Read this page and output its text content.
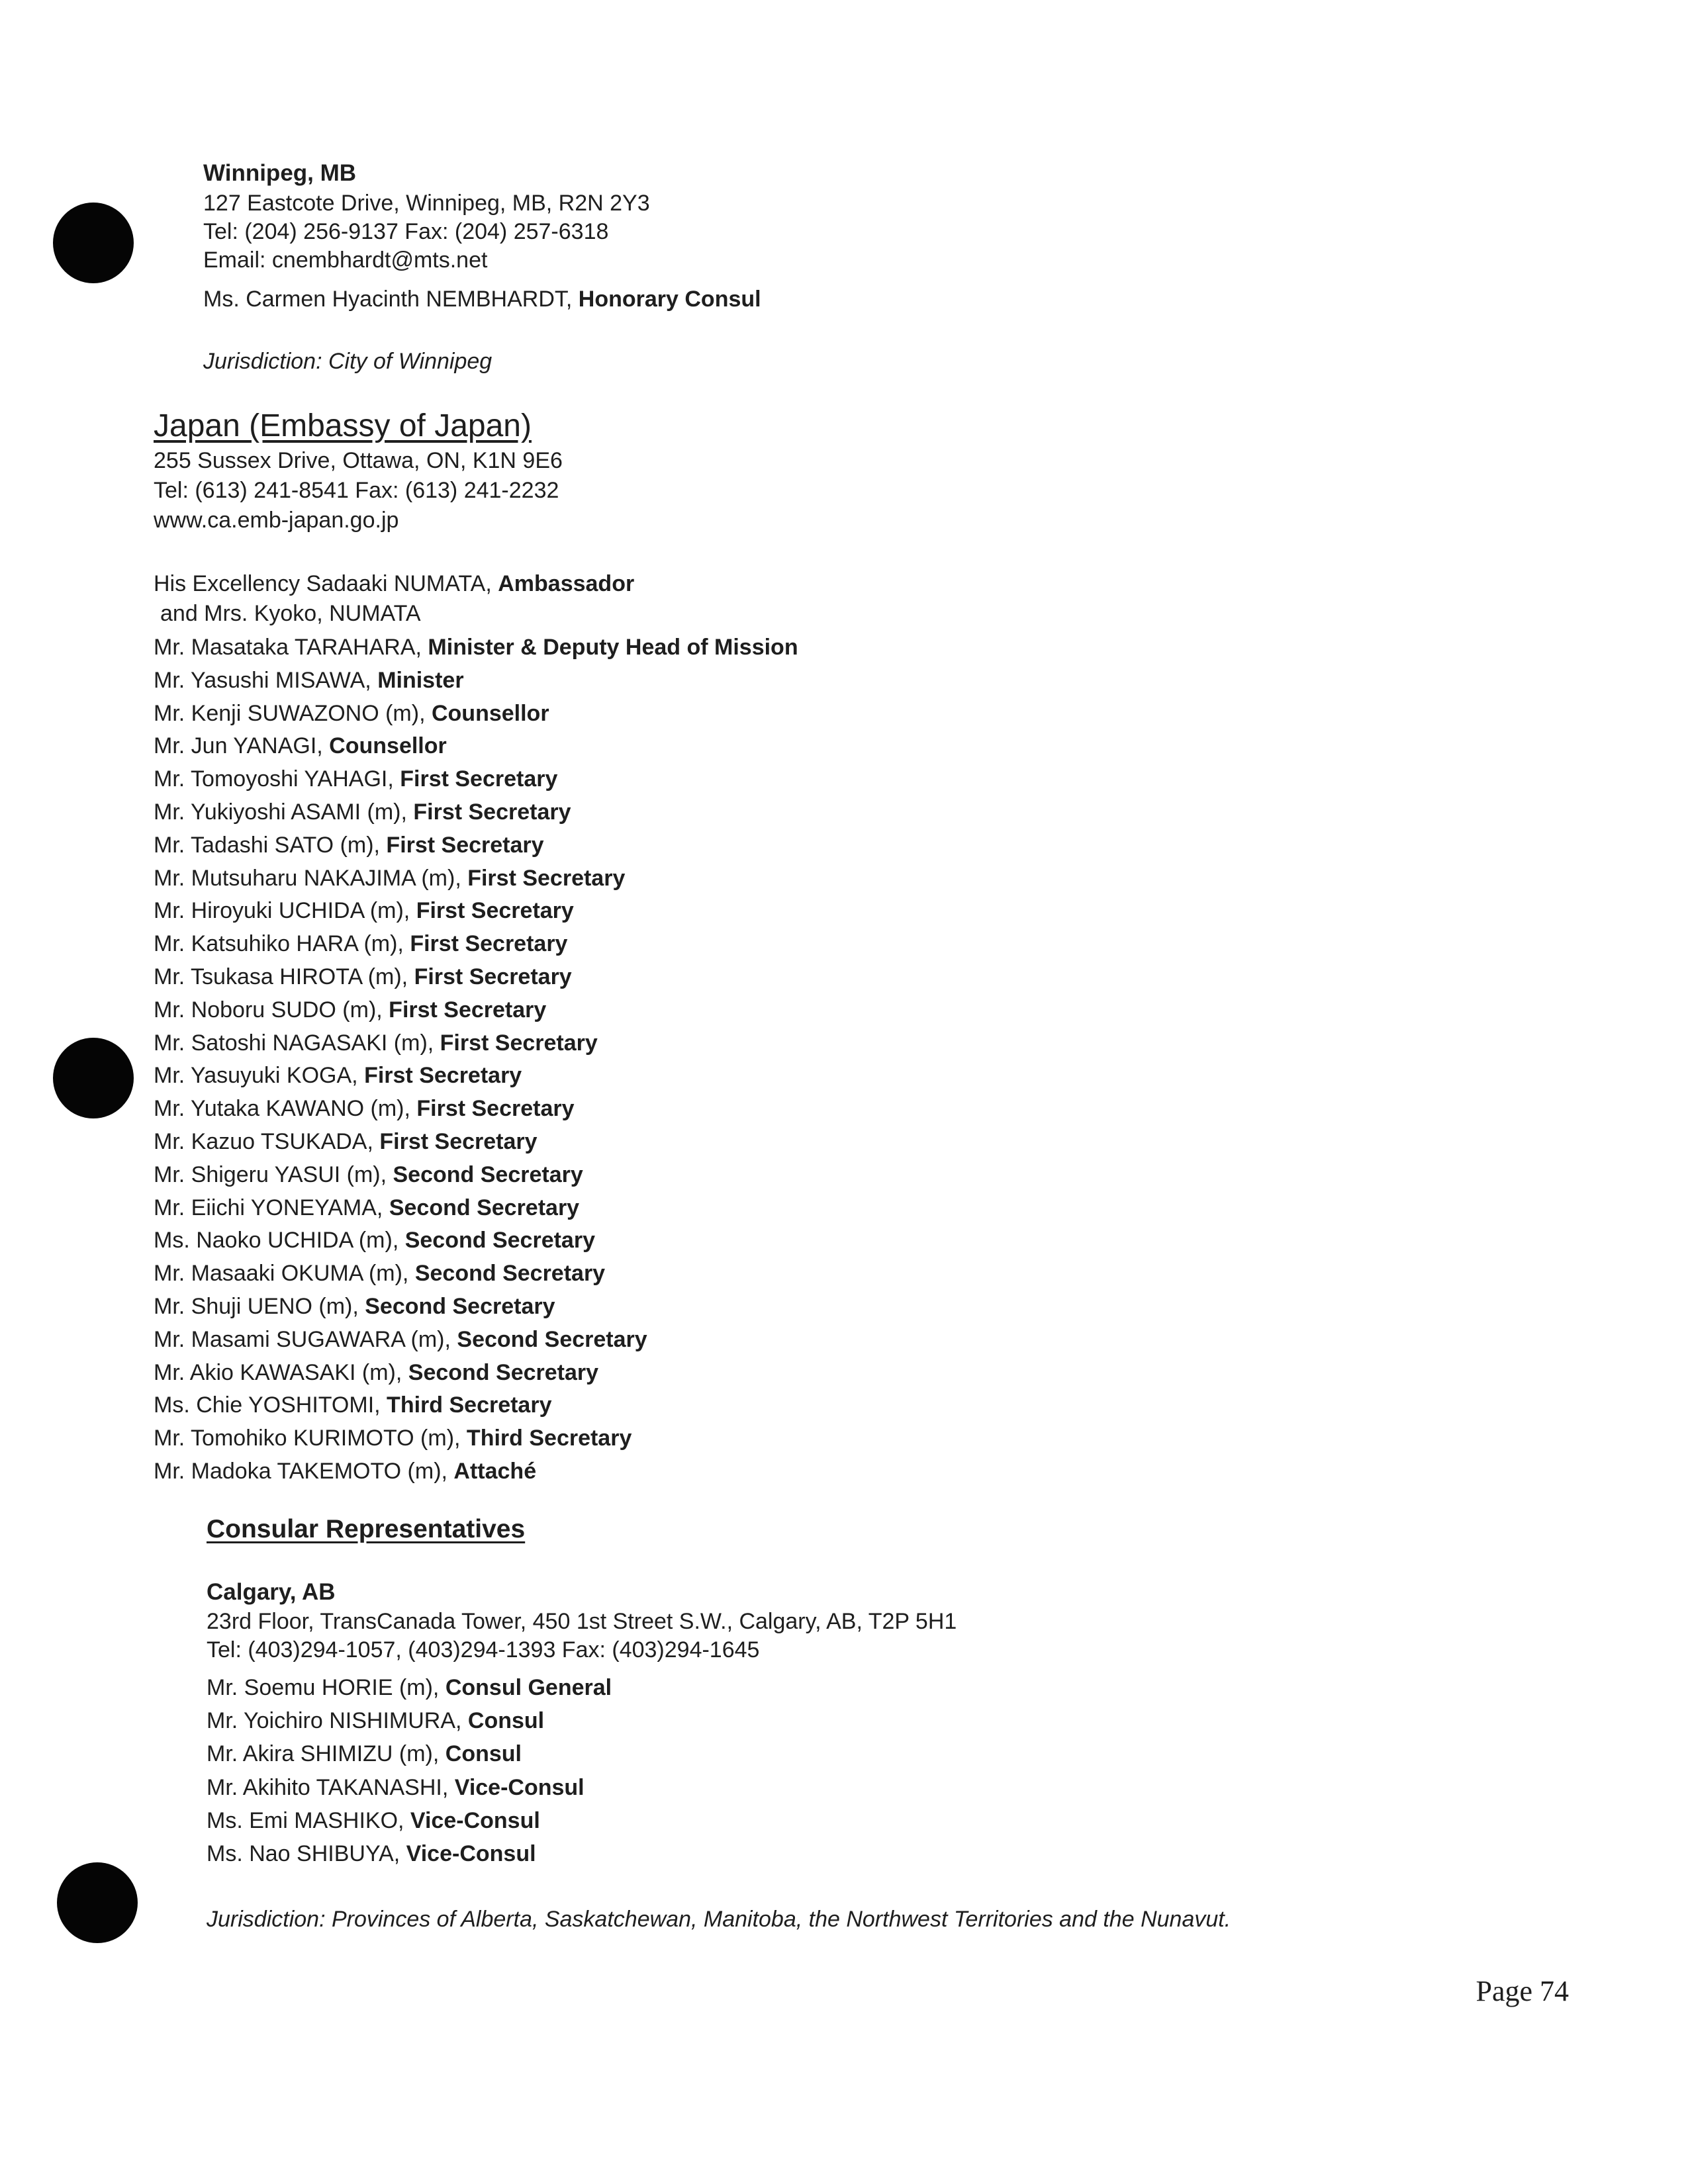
Winnipeg, MB
127 Eastcote Drive, Winnipeg, MB, R2N 2Y3
Tel: (204) 256-9137 Fax: (204) 257-6318
Email: cnembhardt@mts.net
Ms. Carmen Hyacinth NEMBHARDT, Honorary Consul
Jurisdiction: City of Winnipeg
Japan (Embassy of Japan)
255 Sussex Drive, Ottawa, ON, K1N 9E6
Tel: (613) 241-8541 Fax: (613) 241-2232
www.ca.emb-japan.go.jp
His Excellency Sadaaki NUMATA, Ambassador
and Mrs. Kyoko, NUMATA
Mr. Masataka TARAHARA, Minister & Deputy Head of Mission
Mr. Yasushi MISAWA, Minister
Mr. Kenji SUWAZONO (m), Counsellor
Mr. Jun YANAGI, Counsellor
Mr. Tomoyoshi YAHAGI, First Secretary
Mr. Yukiyoshi ASAMI (m), First Secretary
Mr. Tadashi SATO (m), First Secretary
Mr. Mutsuharu NAKAJIMA (m), First Secretary
Mr. Hiroyuki UCHIDA (m), First Secretary
Mr. Katsuhiko HARA (m), First Secretary
Mr. Tsukasa HIROTA (m), First Secretary
Mr. Noboru SUDO (m), First Secretary
Mr. Satoshi NAGASAKI (m), First Secretary
Mr. Yasuyuki KOGA, First Secretary
Mr. Yutaka KAWANO (m), First Secretary
Mr. Kazuo TSUKADA, First Secretary
Mr. Shigeru YASUI (m), Second Secretary
Mr. Eiichi YONEYAMA, Second Secretary
Ms. Naoko UCHIDA (m), Second Secretary
Mr. Masaaki OKUMA (m), Second Secretary
Mr. Shuji UENO (m), Second Secretary
Mr. Masami SUGAWARA (m), Second Secretary
Mr. Akio KAWASAKI (m), Second Secretary
Ms. Chie YOSHITOMI, Third Secretary
Mr. Tomohiko KURIMOTO (m), Third Secretary
Mr. Madoka TAKEMOTO (m), Attaché
Consular Representatives
Calgary, AB
23rd Floor, TransCanada Tower, 450 1st Street S.W., Calgary, AB, T2P 5H1
Tel: (403)294-1057, (403)294-1393 Fax: (403)294-1645
Mr. Soemu HORIE (m), Consul General
Mr. Yoichiro NISHIMURA, Consul
Mr. Akira SHIMIZU (m), Consul
Mr. Akihito TAKANASHI, Vice-Consul
Ms. Emi MASHIKO, Vice-Consul
Ms. Nao SHIBUYA, Vice-Consul
Jurisdiction: Provinces of Alberta, Saskatchewan, Manitoba, the Northwest Territories and the Nunavut.
Page 74
